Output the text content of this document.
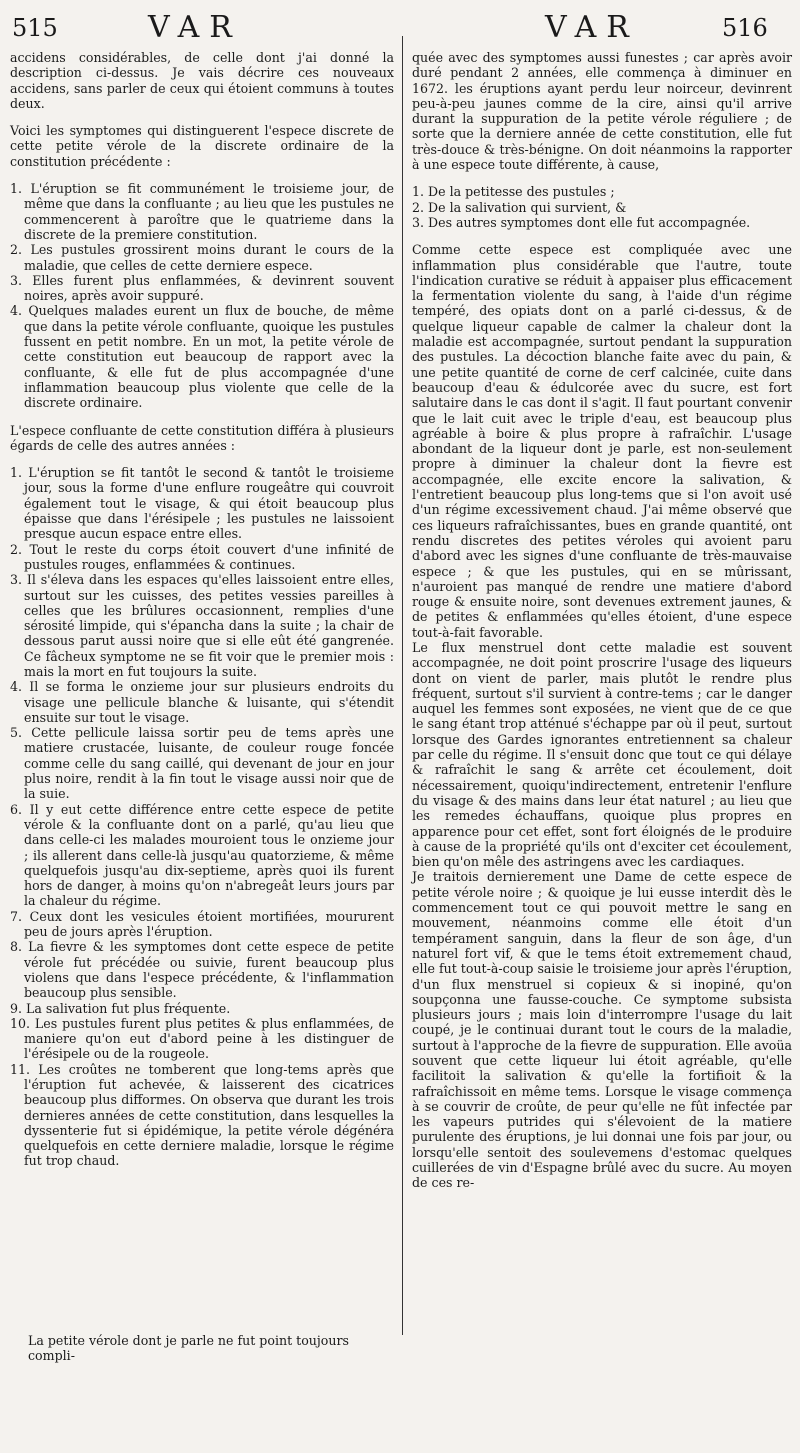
515	VAR	VAR	516

accidens considérables, de celle dont j'ai donné la description ci-dessus. Je vais décrire ces nouveaux accidens, sans parler de ceux qui étoient communs à toutes deux.

Voici les symptomes qui distinguerent l'espece discrete de cette petite vérole de la discrete ordinaire de la constitution précédente :

1. L'éruption se fit communément le troisieme jour, de même que dans la confluante ; au lieu que les pustules ne commencerent à paroître que le quatrieme dans la discrete de la premiere constitution.

2. Les pustules grossirent moins durant le cours de la maladie, que celles de cette derniere espece.

3. Elles furent plus enflammées, & devinrent souvent noires, après avoir suppuré.

4. Quelques malades eurent un flux de bouche, de même que dans la petite vérole confluante, quoique les pustules fussent en petit nombre. En un mot, la petite vérole de cette constitution eut beaucoup de rapport avec la confluante, & elle fut de plus accompagnée d'une inflammation beaucoup plus violente que celle de la discrete ordinaire.

L'espece confluante de cette constitution différa à plusieurs égards de celle des autres années :

1. L'éruption se fit tantôt le second & tantôt le troisieme jour, sous la forme d'une enflure rougeâtre qui couvroit également tout le visage, & qui étoit beaucoup plus épaisse que dans l'érésipele ; les pustules ne laissoient presque aucun espace entre elles.

2. Tout le reste du corps étoit couvert d'une infinité de pustules rouges, enflammées & continues.

3. Il s'éleva dans les espaces qu'elles laissoient entre elles, surtout sur les cuisses, des petites vessies pareilles à celles que les brûlures occasionnent, remplies d'une sérosité limpide, qui s'épancha dans la suite ; la chair de dessous parut aussi noire que si elle eût été gangrenée. Ce fâcheux symptome ne se fit voir que le premier mois : mais la mort en fut toujours la suite.

4. Il se forma le onzieme jour sur plusieurs endroits du visage une pellicule blanche & luisante, qui s'étendit ensuite sur tout le visage.

5. Cette pellicule laissa sortir peu de tems après une matiere crustacée, luisante, de couleur rouge foncée comme celle du sang caillé, qui devenant de jour en jour plus noire, rendit à la fin tout le visage aussi noir que de la suie.

6. Il y eut cette différence entre cette espece de petite vérole & la confluante dont on a parlé, qu'au lieu que dans celle-ci les malades mouroient tous le onzieme jour ; ils allerent dans celle-là jusqu'au quatorzieme, & même quelquefois jusqu'au dix-septieme, après quoi ils furent hors de danger, à moins qu'on n'abregeât leurs jours par la chaleur du régime.

7. Ceux dont les vesicules étoient mortifiées, moururent peu de jours après l'éruption.

8. La fievre & les symptomes dont cette espece de petite vérole fut précédée ou suivie, furent beaucoup plus violens que dans l'espece précédente, & l'inflammation beaucoup plus sensible.

9. La salivation fut plus fréquente.

10. Les pustules furent plus petites & plus enflammées, de maniere qu'on eut d'abord peine à les distinguer de l'érésipele ou de la rougeole.

11. Les croûtes ne tomberent que long-tems après que l'éruption fut achevée, & laisserent des cicatrices beaucoup plus difformes. On observa que durant les trois dernieres années de cette constitution, dans lesquelles la dyssenterie fut si épidémique, la petite vérole dégénéra quelquefois en cette derniere maladie, lorsque le régime fut trop chaud.

La petite vérole dont je parle ne fut point toujours compli-

quée avec des symptomes aussi funestes ; car après avoir duré pendant 2 années, elle commença à diminuer en 1672. les éruptions ayant perdu leur noirceur, devinrent peu-à-peu jaunes comme de la cire, ainsi qu'il arrive durant la suppuration de la petite vérole réguliere ; de sorte que la derniere année de cette constitution, elle fut très-douce & très-bénigne. On doit néanmoins la rapporter à une espece toute différente, à cause,

1. De la petitesse des pustules ;

2. De la salivation qui survient, &

3. Des autres symptomes dont elle fut accompagnée.

Comme cette espece est compliquée avec une inflammation plus considérable que l'autre, toute l'indication curative se réduit à appaiser plus efficacement la fermentation violente du sang, à l'aide d'un régime tempéré, des opiats dont on a parlé ci-dessus, & de quelque liqueur capable de calmer la chaleur dont la maladie est accompagnée, surtout pendant la suppuration des pustules. La décoction blanche faite avec du pain, & une petite quantité de corne de cerf calcinée, cuite dans beaucoup d'eau & édulcorée avec du sucre, est fort salutaire dans le cas dont il s'agit. Il faut pourtant convenir que le lait cuit avec le triple d'eau, est beaucoup plus agréable à boire & plus propre à rafraîchir. L'usage abondant de la liqueur dont je parle, est non-seulement propre à diminuer la chaleur dont la fievre est accompagnée, elle excite encore la salivation, & l'entretient beaucoup plus long-tems que si l'on avoit usé d'un régime excessivement chaud. J'ai même observé que ces liqueurs rafraîchissantes, bues en grande quantité, ont rendu discretes des petites véroles qui avoient paru d'abord avec les signes d'une confluante de très-mauvaise espece ; & que les pustules, qui en se mûrissant, n'auroient pas manqué de rendre une matiere d'abord rouge & ensuite noire, sont devenues extrement jaunes, & de petites & enflammées qu'elles étoient, d'une espece tout-à-fait favorable.

Le flux menstruel dont cette maladie est souvent accompagnée, ne doit point proscrire l'usage des liqueurs dont on vient de parler, mais plutôt le rendre plus fréquent, surtout s'il survient à contre-tems ; car le danger auquel les femmes sont exposées, ne vient que de ce que le sang étant trop atténué s'échappe par où il peut, surtout lorsque des Gardes ignorantes entretiennent sa chaleur par celle du régime. Il s'ensuit donc que tout ce qui délaye & rafraîchit le sang & arrête cet écoulement, doit nécessairement, quoiqu'indirectement, entretenir l'enflure du visage & des mains dans leur état naturel ; au lieu que les remedes échauffans, quoique plus propres en apparence pour cet effet, sont fort éloignés de le produire à cause de la propriété qu'ils ont d'exciter cet écoulement, bien qu'on mêle des astringens avec les cardiaques.

Je traitois dernierement une Dame de cette espece de petite vérole noire ; & quoique je lui eusse interdit dès le commencement tout ce qui pouvoit mettre le sang en mouvement, néanmoins comme elle étoit d'un tempérament sanguin, dans la fleur de son âge, d'un naturel fort vif, & que le tems étoit extremement chaud, elle fut tout-à-coup saisie le troisieme jour après l'éruption, d'un flux menstruel si copieux & si inopiné, qu'on soupçonna une fausse-couche. Ce symptome subsista plusieurs jours ; mais loin d'interrompre l'usage du lait coupé, je le continuai durant tout le cours de la maladie, surtout à l'approche de la fievre de suppuration. Elle avoüa souvent que cette liqueur lui étoit agréable, qu'elle facilitoit la salivation & qu'elle la fortifioit & la rafraîchissoit en même tems. Lorsque le visage commença à se couvrir de croûte, de peur qu'elle ne fût infectée par les vapeurs putrides qui s'élevoient de la matiere purulente des éruptions, je lui donnai une fois par jour, ou lorsqu'elle sentoit des soulevemens d'estomac quelques cuillerées de vin d'Espagne brûlé avec du sucre. Au moyen de ces re-
